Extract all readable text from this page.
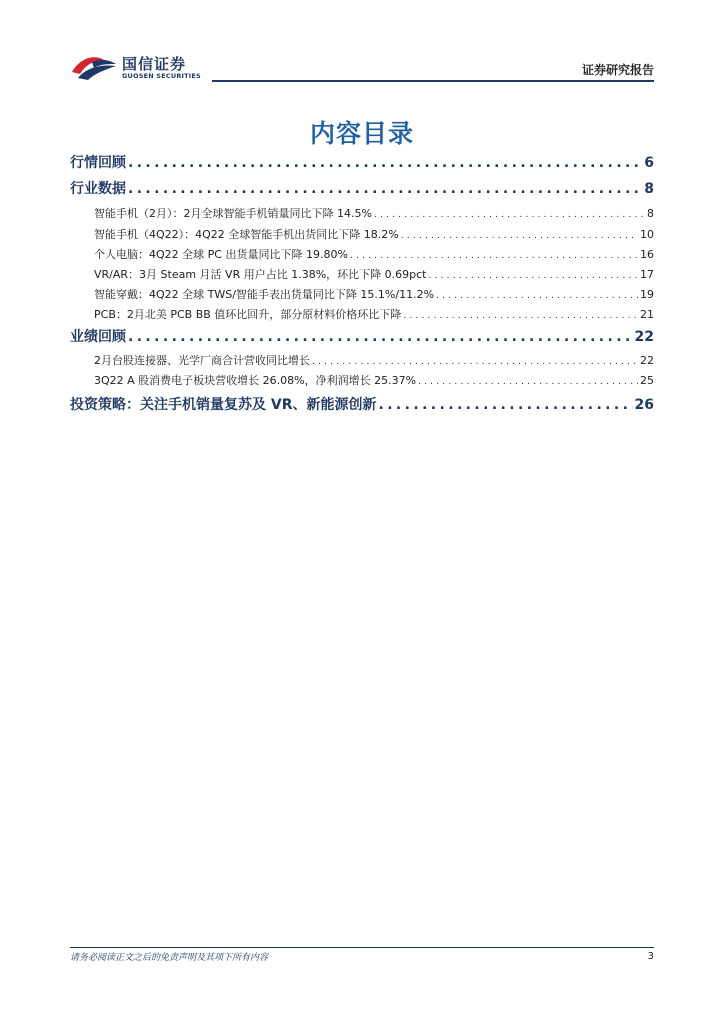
国信证券
GUOSEN SECURITIES	证券研究报告
内容目录
行情回顾 .....	6
行业数据 .....	8
智能手机（2月）：2月全球智能手机销量同比下降 14.5% .....	8
智能手机（4Q22）：4Q22 全球智能手机出货同比下降 18.2% .....	10
个人电脑：4Q22 全球 PC 出货量同比下降 19.80% .....	16
VR/AR：3月 Steam 月活 VR 用户占比 1.38%，环比下降 0.69pct .....	17
智能穿戴：4Q22 全球 TWS/智能手表出货量同比下降 15.1%/11.2% .....	19
PCB：2月北美 PCB BB 值环比回升，部分原材料价格环比下降 .....	21
业绩回顾 .....	22
2月台股连接器、光学厂商合计营收同比增长 .....	22
3Q22 A 股消费电子板块营收增长 26.08%，净利润增长 25.37% .....	25
投资策略：关注手机销量复苏及 VR、新能源创新 .....	26
请务必阅读正文之后的免责声明及其项下所有内容	3
